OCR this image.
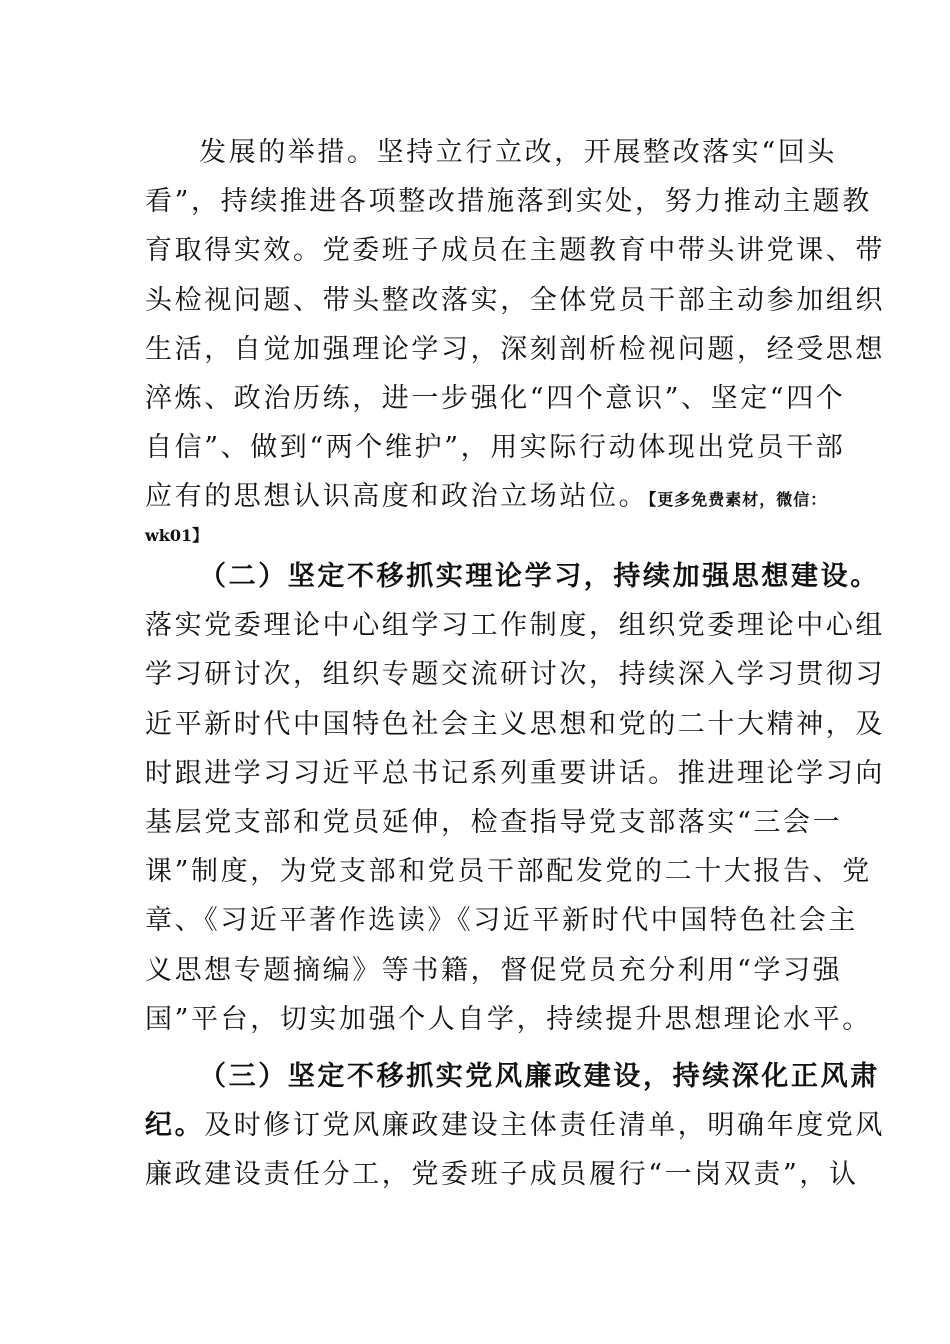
发展的举措。坚持立行立改，开展整改落实“回头
看”，持续推进各项整改措施落到实处，努力推动主题教
育取得实效。党委班子成员在主题教育中带头讲党课、带
头检视问题、带头整改落实，全体党员干部主动参加组织
生活，自觉加强理论学习，深刻剖析检视问题，经受思想
淬炼、政治历练，进一步强化“四个意识”、坚定“四个
自信”、做到“两个维护”，用实际行动体现出党员干部
应有的思想认识高度和政治立场站位。【更多免费素材，微信：
wk01】
（二）坚定不移抓实理论学习，持续加强思想建设。
落实党委理论中心组学习工作制度，组织党委理论中心组
学习研讨次，组织专题交流研讨次，持续深入学习贯彻习
近平新时代中国特色社会主义思想和党的二十大精神，及
时跟进学习习近平总书记系列重要讲话。推进理论学习向
基层党支部和党员延伸，检查指导党支部落实“三会一
课”制度，为党支部和党员干部配发党的二十大报告、党
章、《习近平著作选读》《习近平新时代中国特色社会主
义思想专题摘编》等书籍，督促党员充分利用“学习强
国”平台，切实加强个人自学，持续提升思想理论水平。
（三）坚定不移抓实党风廉政建设，持续深化正风肃
纪。及时修订党风廉政建设主体责任清单，明确年度党风
廉政建设责任分工，党委班子成员履行“一岗双责”，认
